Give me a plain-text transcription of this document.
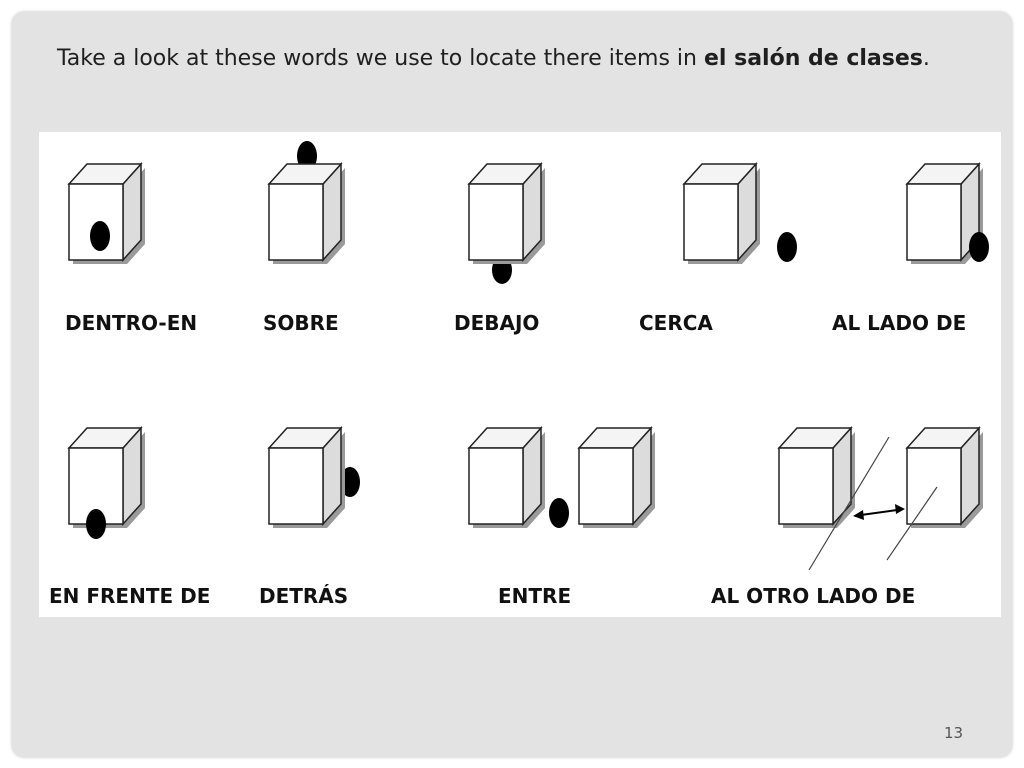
Take a look at these words we use to locate there items in el salón de clases.
DENTRO-EN	SOBRE	DEBAJO	CERCA	AL LADO DE
EN FRENTE DE DETRÁS	ENTRE	AL OTRO LADO DE
13
